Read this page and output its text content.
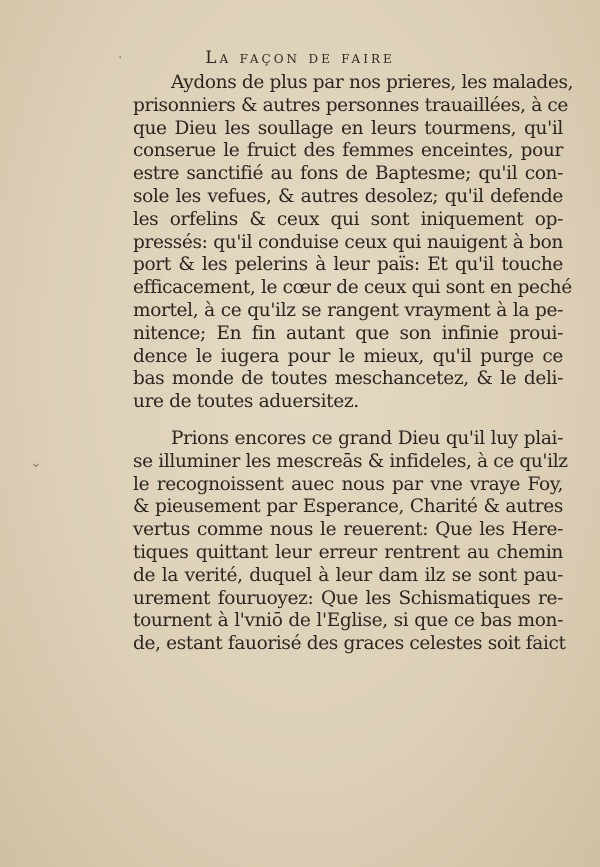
La façon de faire
·
⌄
Aydons de plus par nos prieres, les malades,
prisonniers & autres personnes trauaillées, à ce
que Dieu les soullage en leurs tourmens, qu'il
conserue le fruict des femmes enceintes, pour
estre sanctifié au fons de Baptesme; qu'il con-
sole les vefues, & autres desolez; qu'il defende
les orfelins & ceux qui sont iniquement op-
pressés: qu'il conduise ceux qui nauigent à bon
port & les pelerins à leur païs: Et qu'il touche
efficacement, le cœur de ceux qui sont en peché
mortel, à ce qu'ilz se rangent vrayment à la pe-
nitence; En fin autant que son infinie proui-
dence le iugera pour le mieux, qu'il purge ce
bas monde de toutes meschancetez, & le deli-
ure de toutes aduersitez.
Prions encores ce grand Dieu qu'il luy plai-
se illuminer les mescreās & infideles, à ce qu'ilz
le recognoissent auec nous par vne vraye Foy,
& pieusement par Esperance, Charité & autres
vertus comme nous le reuerent: Que les Here-
tiques quittant leur erreur rentrent au chemin
de la verité, duquel à leur dam ilz se sont pau-
urement fouruoyez: Que les Schismatiques re-
tournent à l'vniō de l'Eglise, si que ce bas mon-
de, estant fauorisé des graces celestes soit faict
